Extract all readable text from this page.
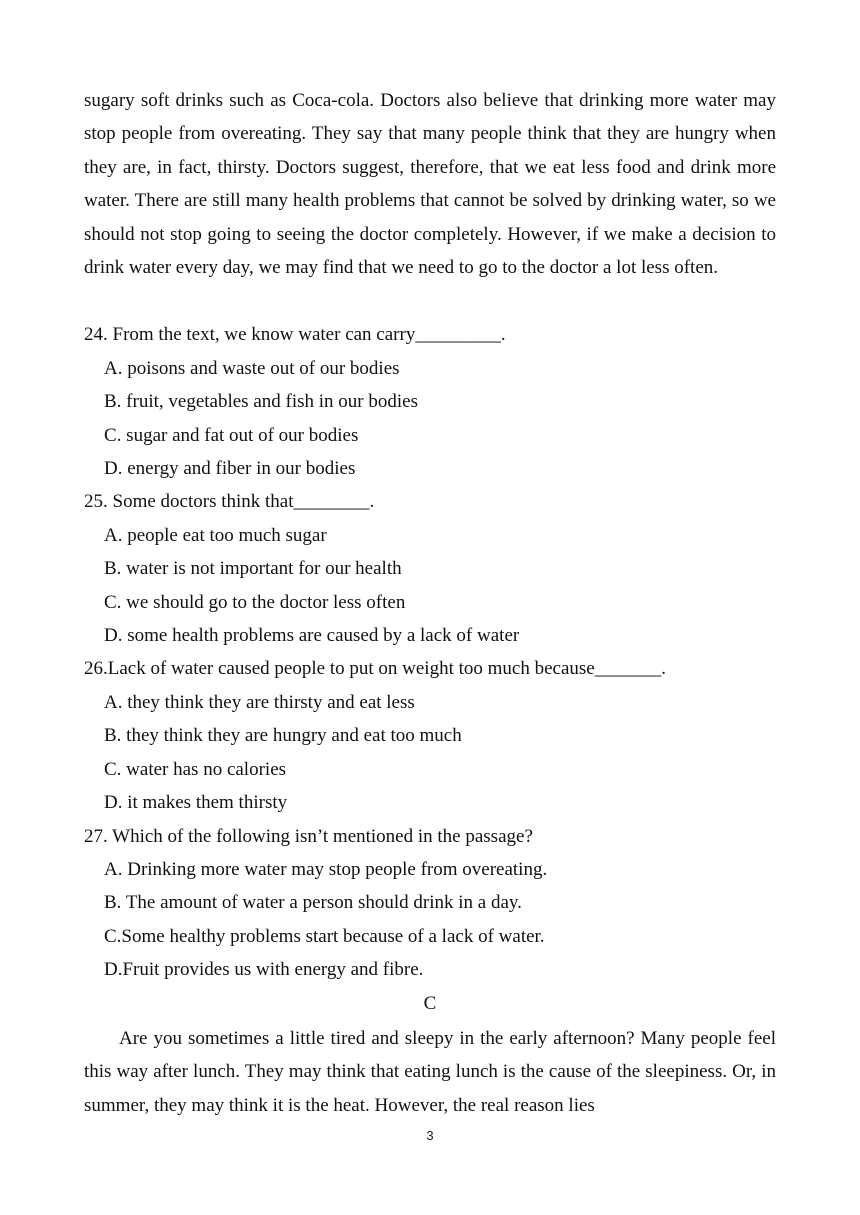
sugary soft drinks such as Coca-cola. Doctors also believe that drinking more water may stop people from overeating. They say that many people think that they are hungry when they are, in fact, thirsty. Doctors suggest, therefore, that we eat less food and drink more water. There are still many health problems that cannot be solved by drinking water, so we should not stop going to seeing the doctor completely. However, if we make a decision to drink water every day, we may find that we need to go to the doctor a lot less often.

24. From the text, we know water can carry_________.
A. poisons and waste out of our bodies
B. fruit, vegetables and fish in our bodies
C. sugar and fat out of our bodies
D. energy and fiber in our bodies
25. Some doctors think that________.
A. people eat too much sugar
B. water is not important for our health
C. we should go to the doctor less often
D. some health problems are caused by a lack of water
26.Lack of water caused people to put on weight too much because_______.
A. they think they are thirsty and eat less
B. they think they are hungry and eat too much
C. water has no calories
D. it makes them thirsty
27. Which of the following isn’t mentioned in the passage?
A. Drinking more water may stop people from overeating.
B. The amount of water a person should drink in a day.
C.Some healthy problems start because of a lack of water.
D.Fruit provides us with energy and fibre.
C

Are you sometimes a little tired and sleepy in the early afternoon? Many people feel this way after lunch. They may think that eating lunch is the cause of the sleepiness. Or, in summer, they may think it is the heat. However, the real reason lies

3
